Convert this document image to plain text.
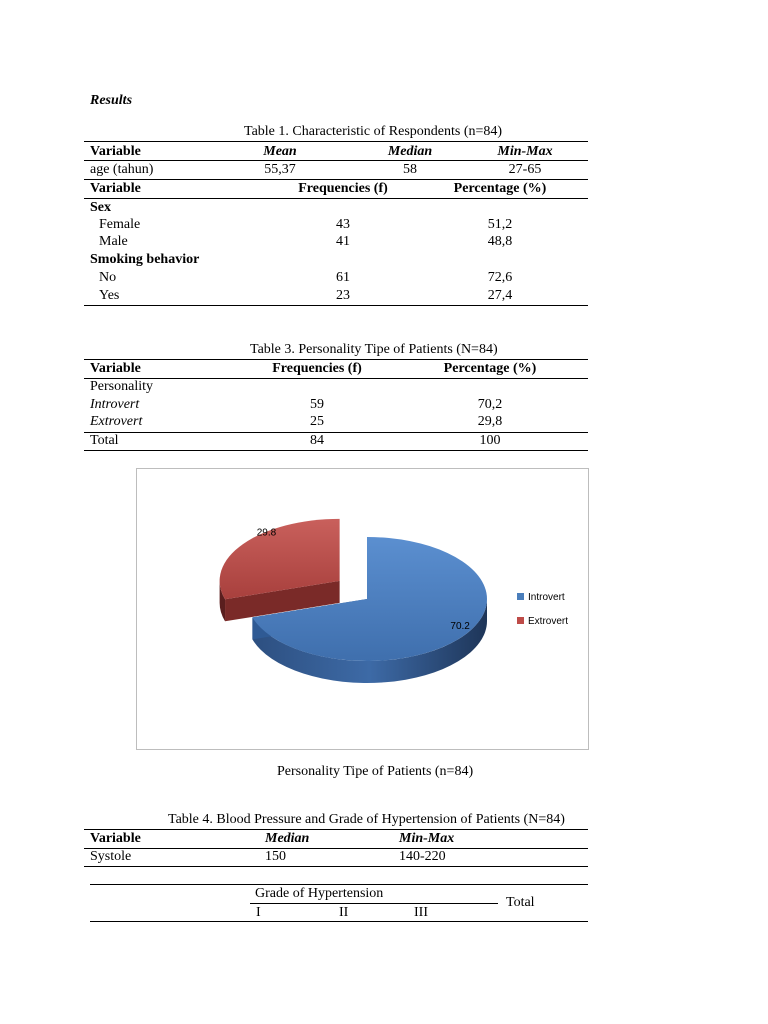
Results
Table 1. Characteristic of Respondents (n=84)
Variable	Mean	Median	Min-Max
age (tahun)	55,37	58	27-65
Variable	Frequencies (f)	Percentage (%)
Sex
Female	43	51,2
Male	41	48,8
Smoking behavior
No	61	72,6
Yes	23	27,4
Table 3. Personality Tipe of Patients (N=84)
Variable	Frequencies (f)	Percentage (%)
Personality
Introvert	59	70,2
Extrovert	25	29,8
Total	84	100
70.2
29.8
Introvert
Extrovert
Personality Tipe of Patients (n=84)
Table 4. Blood Pressure and Grade of Hypertension of Patients (N=84)
Variable	Median	Min-Max
Systole	150	140-220
Grade of Hypertension
Total
I	II	III
